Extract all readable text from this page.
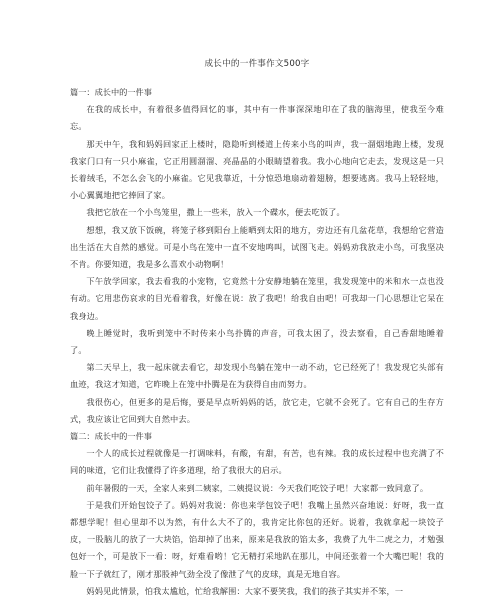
成长中的一件事作文500字

篇一：成长中的一件事

在我的成长中，有着很多值得回忆的事，其中有一件事深深地印在了我的脑海里，使我至今难忘。

那天中午，我和妈妈回家正上楼时，隐隐听到楼道上传来小鸟的叫声，我一溜烟地跑上楼，发现我家门口有一只小麻雀，它正用圆溜溜、亮晶晶的小眼睛望着我。我小心地向它走去，发现这是一只长着绒毛，不怎么会飞的小麻雀。它见我靠近，十分惊恐地扇动着翅膀，想要逃离。我马上轻轻地，小心翼翼地把它捧回了家。

我把它放在一个小鸟笼里，撒上一些米，放入一个碟水，便去吃饭了。

想想，我又放下饭碗，将笼子移到阳台上能晒到太阳的地方，旁边还有几盆花草，我想给它营造出生活在大自然的感觉。可是小鸟在笼中一直不安地鸣叫，试图飞走。妈妈劝我放走小鸟，可我坚决不肯。你要知道，我是多么喜欢小动物啊！

下午放学回家，我去看我的小宠物，它竟然十分安静地躺在笼里，我发现笼中的米和水一点也没有动。它用悲伤哀求的目光看着我，好像在说：放了我吧！给我自由吧！可我却一门心思想让它呆在我身边。

晚上睡觉时，我听到笼中不时传来小鸟扑腾的声音，可我太困了，没去察看，自己香甜地睡着了。

第二天早上，我一起床就去看它，却发现小鸟躺在笼中一动不动，它已经死了！我发现它头部有血迹，我这才知道，它昨晚上在笼中扑腾是在为获得自由而努力。

我很伤心，但更多的是后悔，要是早点听妈妈的话，放它走，它就不会死了。它有自己的生存方式，我应该让它回到大自然中去。

篇二：成长中的一件事

一个人的成长过程就像是一打调味料，有酸，有甜，有苦，也有辣。我的成长过程中也充满了不同的味道，它们让我懂得了许多道理，给了我很大的启示。

前年暑假的一天，全家人来到二姨家，二姨提议说：今天我们吃饺子吧！大家都一致同意了。

于是我们开始包饺子了。妈妈对我说：你也来学包饺子吧！我嘴上虽然兴奋地说：好呀，我一直都想学呢！但心里却不以为然，有什么大不了的，我肯定比你包的还好。说着，我就拿起一块饺子皮，一股脑儿的放了一大块馅，馅却掉了出来，原来是我放的馅太多，我费了九牛二虎之力，才勉强包好一个，可是放下一看：呀，好难看哟！它无精打采地趴在那儿，中间还张着一个大嘴巴呢！我的脸一下子就红了，刚才那股神气劲全没了像泄了气的皮球，真是无地自容。

妈妈见此情景，怕我太尴尬，忙给我解围：大家不要笑我，我们的孩子其实并不笨，一
